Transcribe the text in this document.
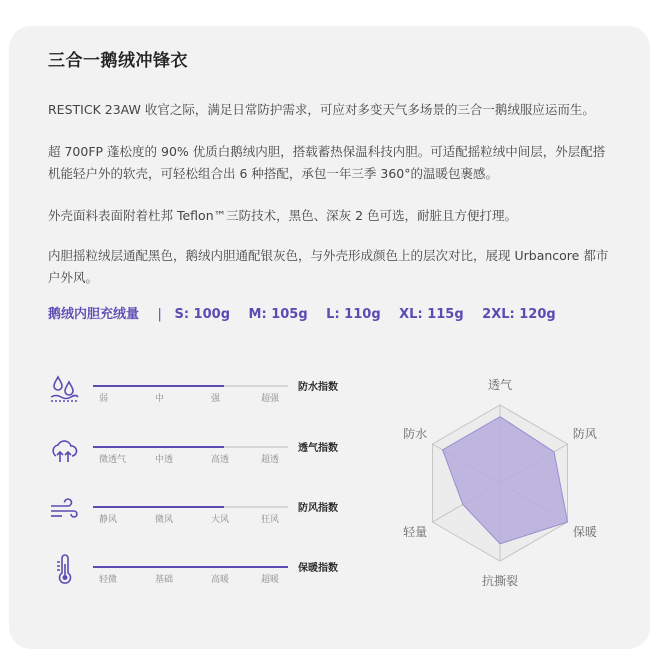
三合一鹅绒冲锋衣
RESTICK 23AW 收官之际，满足日常防护需求，可应对多变天气多场景的三合一鹅绒服应运而生。
超 700FP 蓬松度的 90% 优质白鹅绒内胆，搭载蓄热保温科技内胆。可适配摇粒绒中间层，外层配搭机能轻户外的软壳，可轻松组合出 6 种搭配，承包一年三季 360°的温暖包裹感。
外壳面料表面附着杜邦 Teflon™三防技术，黑色、深灰 2 色可选，耐脏且方便打理。
内胆摇粒绒层通配黑色，鹅绒内胆通配银灰色，与外壳形成颜色上的层次对比，展现 Urbancore 都市户外风。
鹅绒内胆充绒量 | S: 100g M: 105g L: 110g XL: 115g 2XL: 120g
防水指数
弱	中	强	超强
透气指数
微透气	中透	高透	超透
防风指数
静风	微风	大风	狂风
保暖指数
轻微	基础	高暖	超暖
透气
防风
保暖
抗撕裂
轻量
防水
